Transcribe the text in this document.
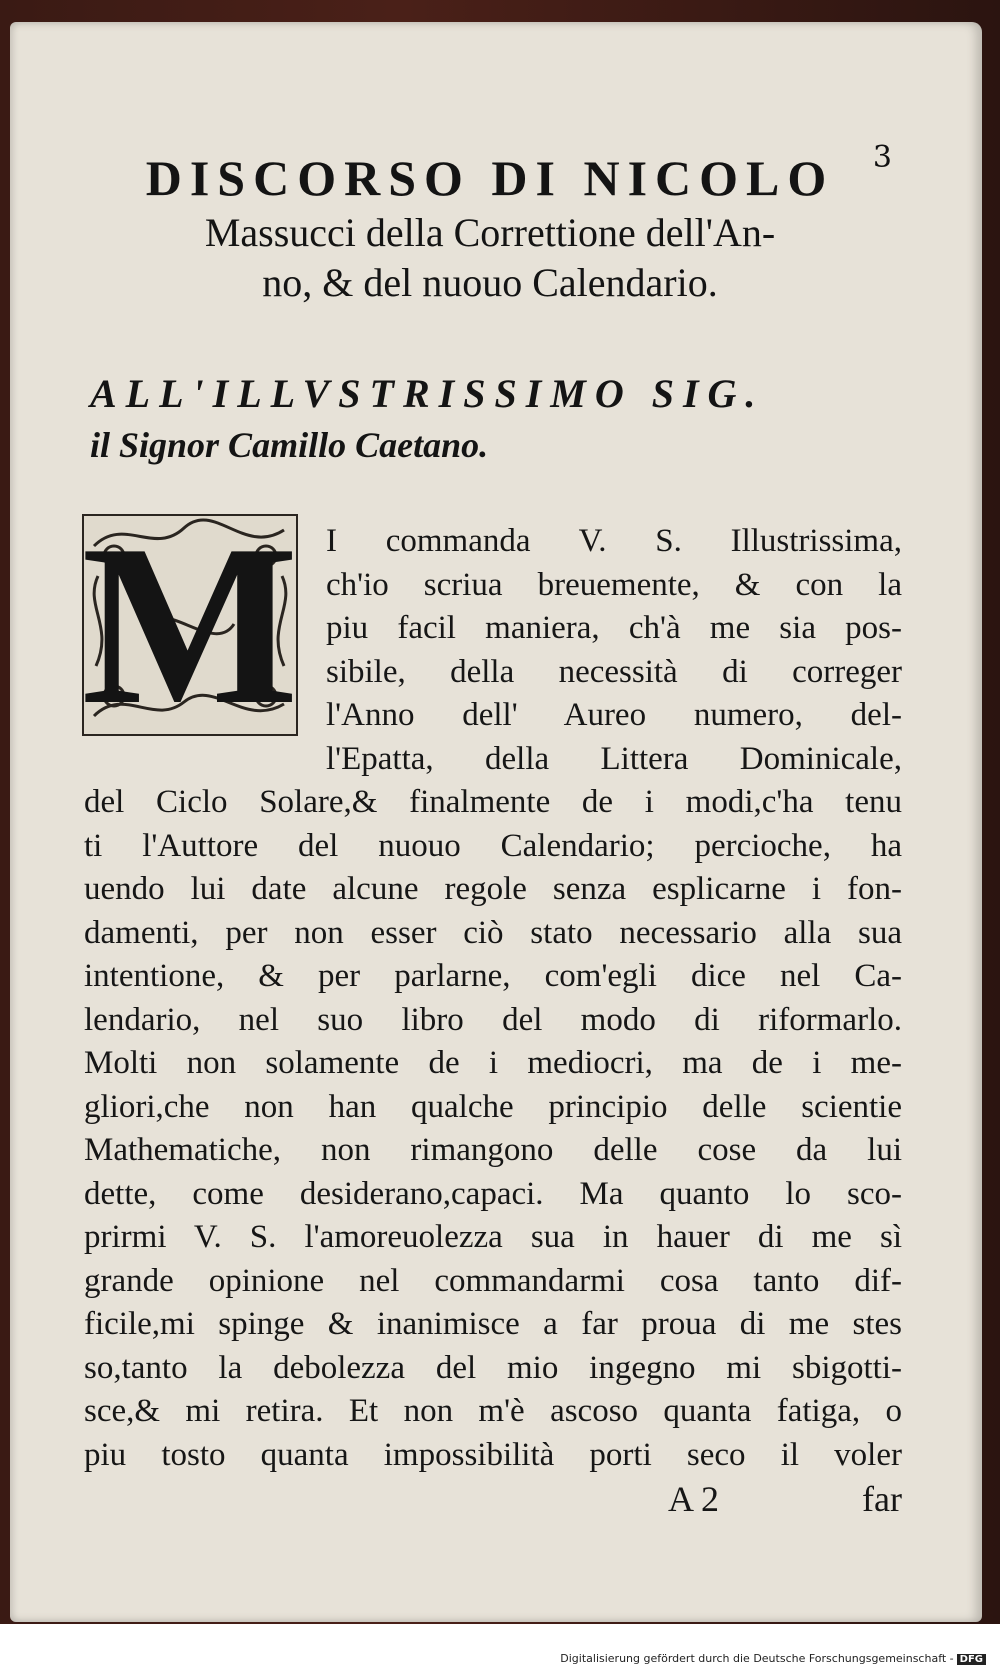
3
DISCORSO DI NICOLO
Massucci della Correttione dell'An-
no, & del nuouo Calendario.
ALL'ILLVSTRISSIMO SIG.
il Signor Camillo Caetano.
M I commanda V. S. Illustrissima,
ch'io scriua breuemente, & con la
piu facil maniera, ch'à me sia pos-
sibile, della necessità di correger
l'Anno dell' Aureo numero, del-
l'Epatta, della Littera Dominicale,
del Ciclo Solare,& finalmente de i modi,c'ha tenu
ti l'Auttore del nuouo Calendario; percioche, ha
uendo lui date alcune regole senza esplicarne i fon-
damenti, per non esser ciò stato necessario alla sua
intentione, & per parlarne, com'egli dice nel Ca-
lendario, nel suo libro del modo di riformarlo.
Molti non solamente de i mediocri, ma de i me-
gliori,che non han qualche principio delle scientie
Mathematiche, non rimangono delle cose da lui
dette, come desiderano,capaci. Ma quanto lo sco-
prirmi V. S. l'amoreuolezza sua in hauer di me sì
grande opinione nel commandarmi cosa tanto dif-
ficile,mi spinge & inanimisce a far proua di me stes
so,tanto la debolezza del mio ingegno mi sbigotti-
sce,& mi retira. Et non m'è ascoso quanta fatiga, o
piu tosto quanta impossibilità porti seco il voler
A 2	far
Digitalisierung gefördert durch die Deutsche Forschungsgemeinschaft - DFG
